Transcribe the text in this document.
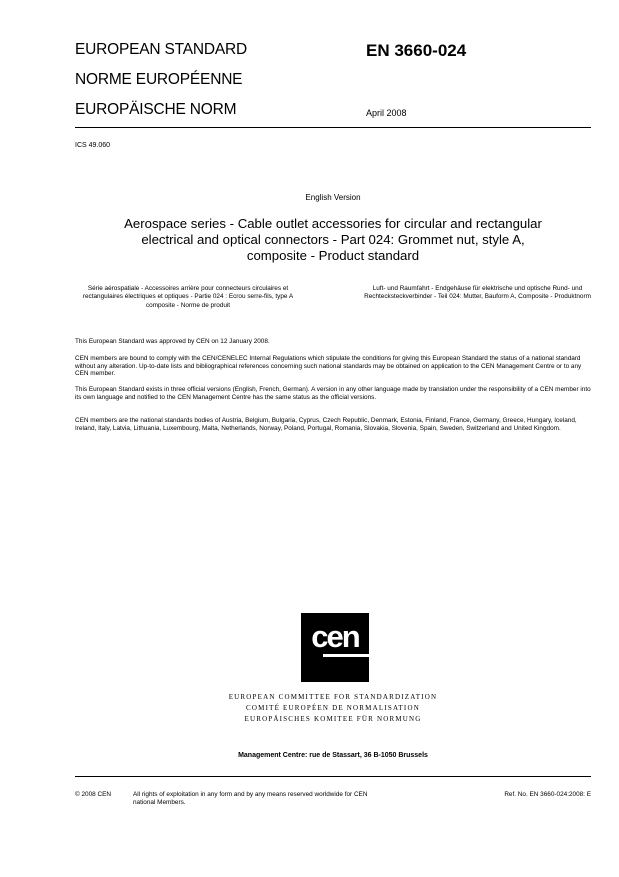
EUROPEAN STANDARD
NORME EUROPÉENNE
EUROPÄISCHE NORM
EN 3660-024
April 2008
ICS 49.060
English Version
Aerospace series - Cable outlet accessories for circular and rectangular electrical and optical connectors - Part 024: Grommet nut, style A, composite - Product standard
Série aérospatiale - Accessoires arrière pour connecteurs circulaires et rectangulaires électriques et optiques - Partie 024 : Ecrou serre-fils, type A composite - Norme de produit
Luft- und Raumfahrt - Endgehäuse für elektrische und optische Rund- und Rechtecksteckverbinder - Teil 024: Mutter, Bauform A, Composite - Produktnorm
This European Standard was approved by CEN on 12 January 2008.
CEN members are bound to comply with the CEN/CENELEC Internal Regulations which stipulate the conditions for giving this European Standard the status of a national standard without any alteration. Up-to-date lists and bibliographical references concerning such national standards may be obtained on application to the CEN Management Centre or to any CEN member.
This European Standard exists in three official versions (English, French, German). A version in any other language made by translation under the responsibility of a CEN member into its own language and notified to the CEN Management Centre has the same status as the official versions.
CEN members are the national standards bodies of Austria, Belgium, Bulgaria, Cyprus, Czech Republic, Denmark, Estonia, Finland, France, Germany, Greece, Hungary, Iceland, Ireland, Italy, Latvia, Lithuania, Luxembourg, Malta, Netherlands, Norway, Poland, Portugal, Romania, Slovakia, Slovenia, Spain, Sweden, Switzerland and United Kingdom.
cen
EUROPEAN COMMITTEE FOR STANDARDIZATION
COMITÉ EUROPÉEN DE NORMALISATION
EUROPÄISCHES KOMITEE FÜR NORMUNG
Management Centre: rue de Stassart, 36 B-1050 Brussels
© 2008 CEN	All rights of exploitation in any form and by any means reserved worldwide for CEN national Members.
Ref. No. EN 3660-024:2008: E
